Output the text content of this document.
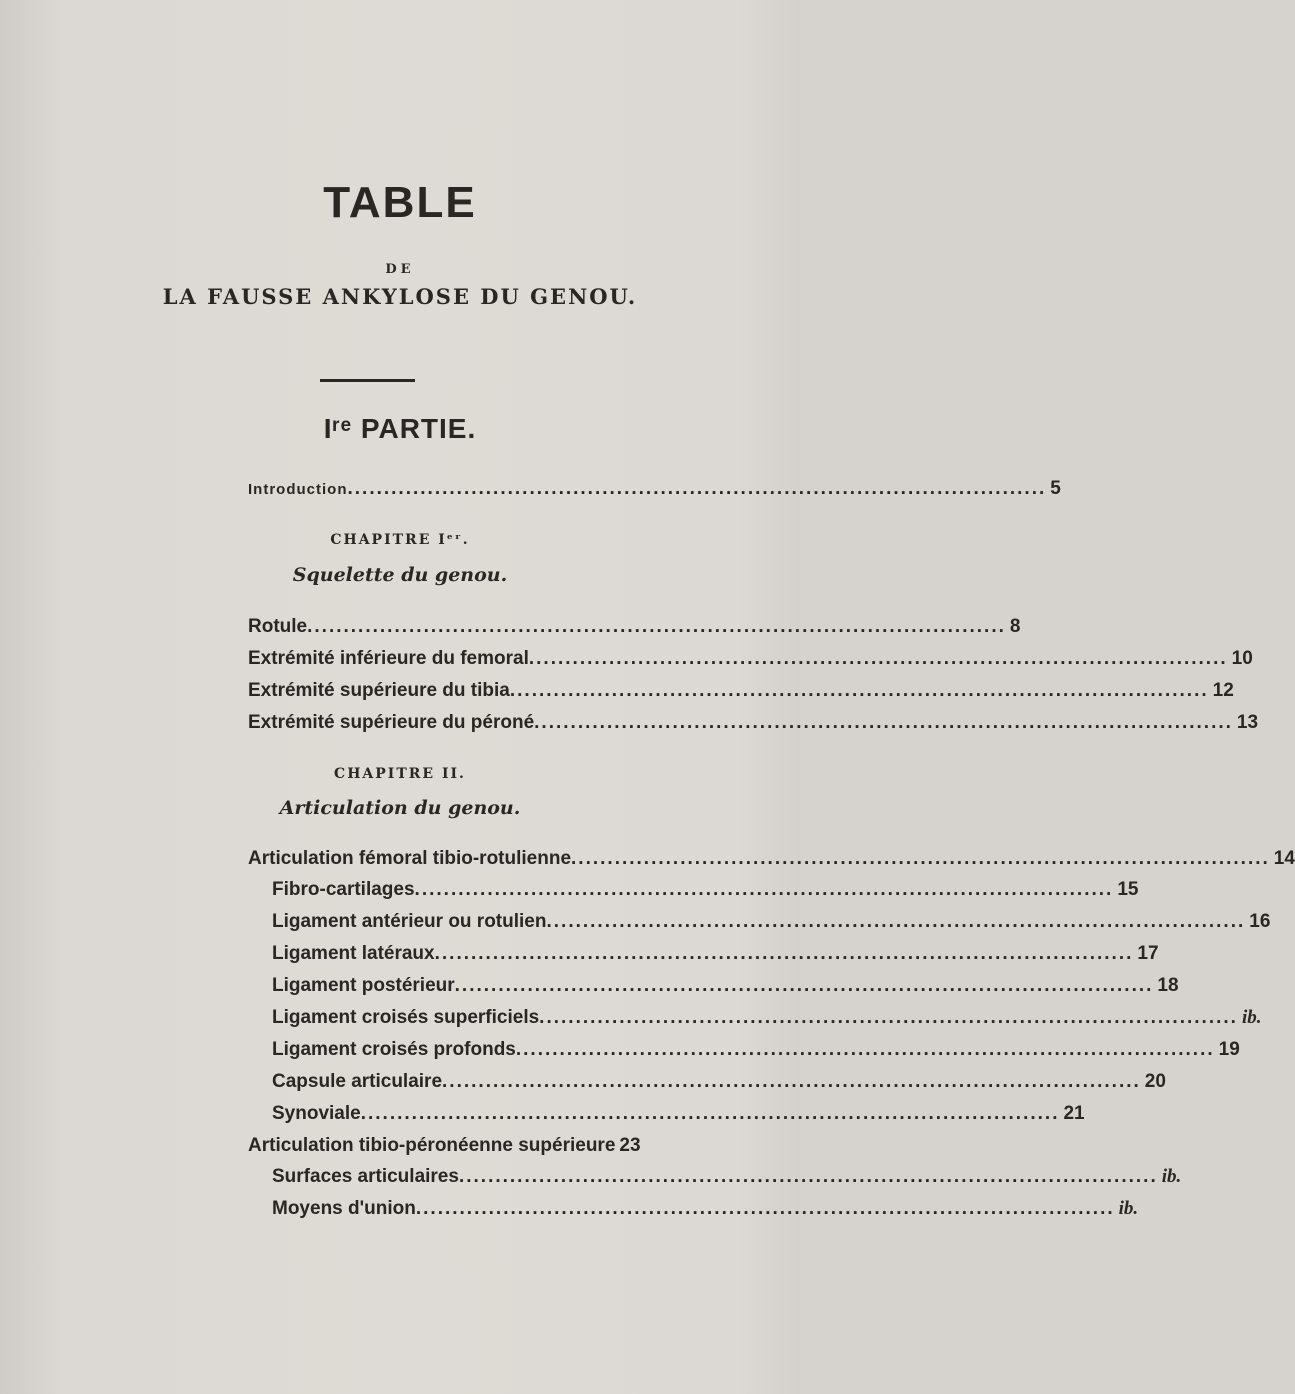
TABLE
DE
LA FAUSSE ANKYLOSE DU GENOU.
Iʳᵉ PARTIE.
Introduction ................................................................................................ 5
CHAPITRE Iᵉʳ.
Squelette du genou.
Rotule ................................................................................................ 8
Extrémité inférieure du femoral ................................................................................................ 10
Extrémité supérieure du tibia ................................................................................................ 12
Extrémité supérieure du péroné ................................................................................................ 13
CHAPITRE II.
Articulation du genou.
Articulation fémoral tibio-rotulienne ................................................................................................ 14
Fibro-cartilages ................................................................................................ 15
Ligament antérieur ou rotulien ................................................................................................ 16
Ligament latéraux ................................................................................................ 17
Ligament postérieur ................................................................................................ 18
Ligament croisés superficiels ................................................................................................ ib.
Ligament croisés profonds ................................................................................................ 19
Capsule articulaire ................................................................................................ 20
Synoviale ................................................................................................ 21
Articulation tibio-péronéenne supérieure 23
Surfaces articulaires ................................................................................................ ib.
Moyens d'union ................................................................................................ ib.
